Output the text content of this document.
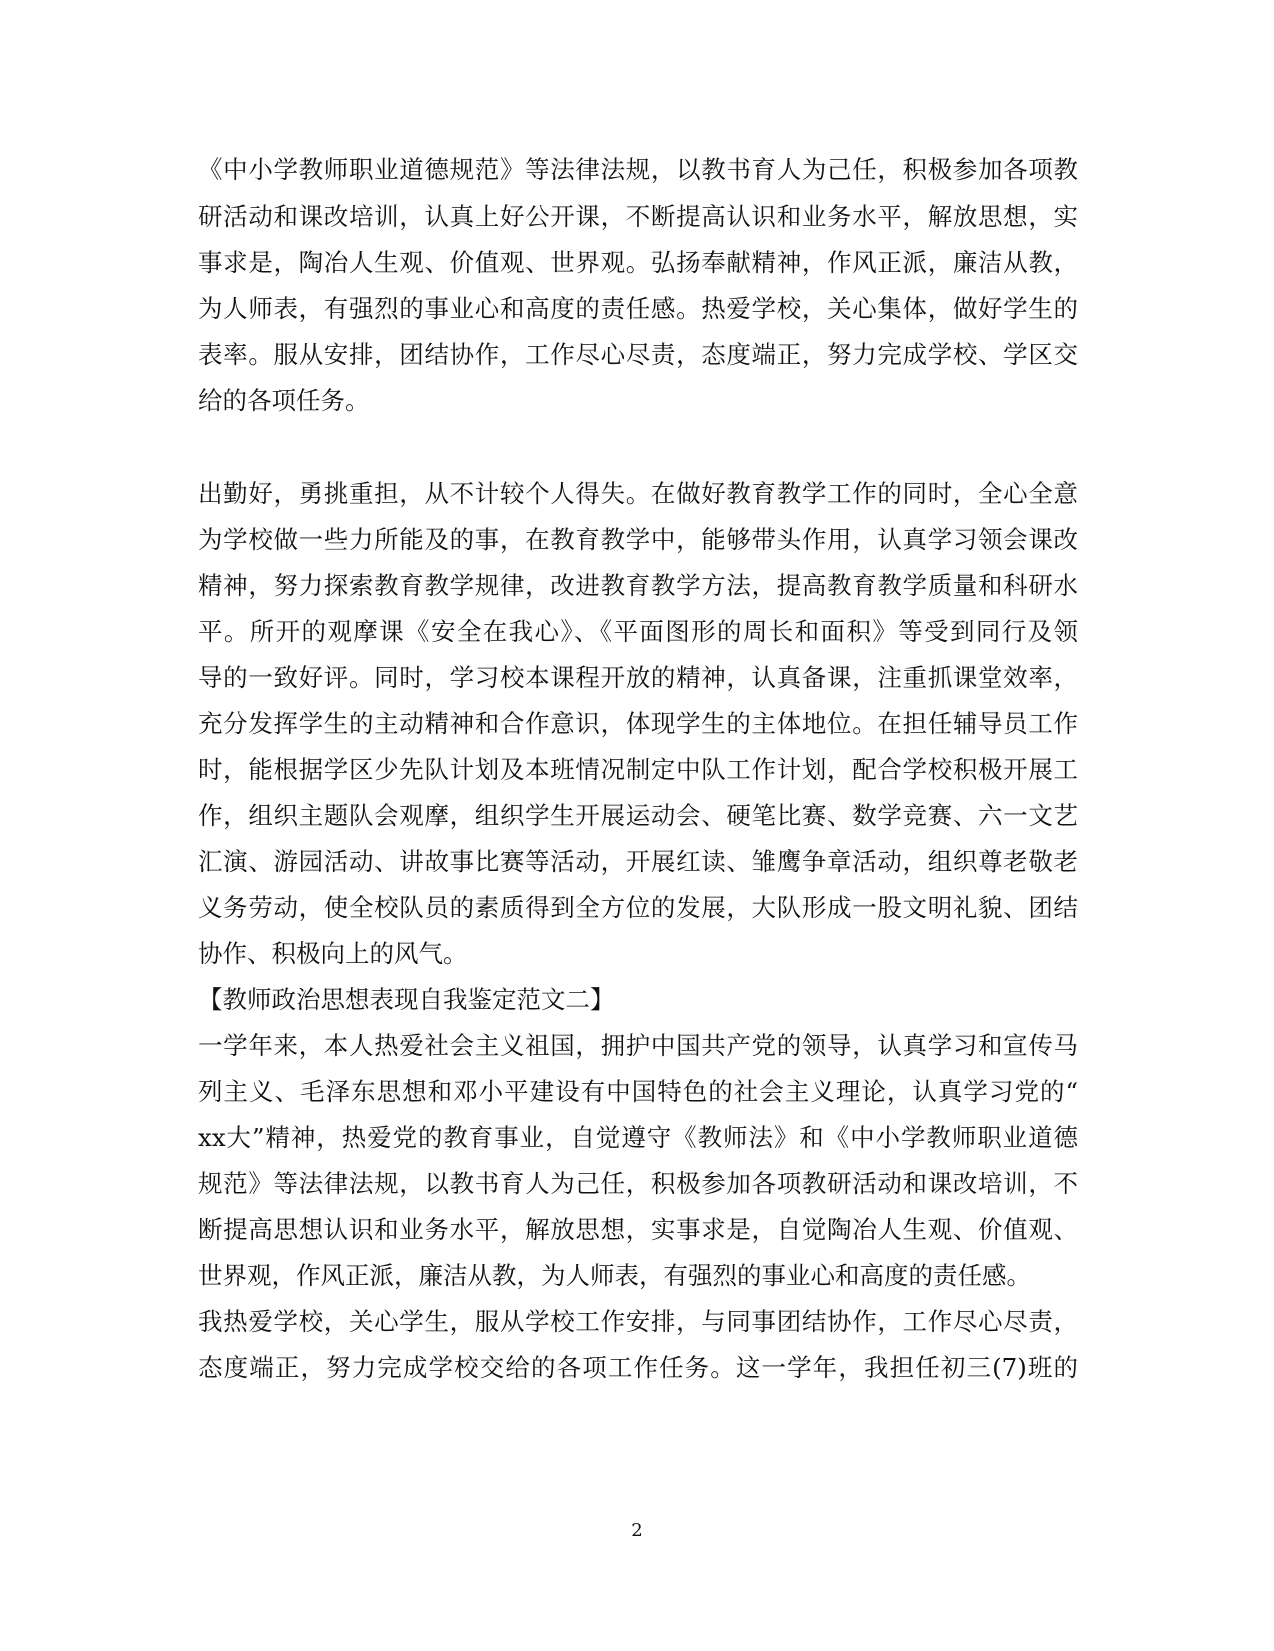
《中小学教师职业道德规范》等法律法规，以教书育人为己任，积极参加各项教
研活动和课改培训，认真上好公开课，不断提高认识和业务水平，解放思想，实
事求是，陶冶人生观、价值观、世界观。弘扬奉献精神，作风正派，廉洁从教，
为人师表，有强烈的事业心和高度的责任感。热爱学校，关心集体，做好学生的
表率。服从安排，团结协作，工作尽心尽责，态度端正，努力完成学校、学区交
给的各项任务。
出勤好，勇挑重担，从不计较个人得失。在做好教育教学工作的同时，全心全意
为学校做一些力所能及的事，在教育教学中，能够带头作用，认真学习领会课改
精神，努力探索教育教学规律，改进教育教学方法，提高教育教学质量和科研水
平。所开的观摩课《安全在我心》、《平面图形的周长和面积》等受到同行及领
导的一致好评。同时，学习校本课程开放的精神，认真备课，注重抓课堂效率，
充分发挥学生的主动精神和合作意识，体现学生的主体地位。在担任辅导员工作
时，能根据学区少先队计划及本班情况制定中队工作计划，配合学校积极开展工
作，组织主题队会观摩，组织学生开展运动会、硬笔比赛、数学竞赛、六一文艺
汇演、游园活动、讲故事比赛等活动，开展红读、雏鹰争章活动，组织尊老敬老
义务劳动，使全校队员的素质得到全方位的发展，大队形成一股文明礼貌、团结
协作、积极向上的风气。
【教师政治思想表现自我鉴定范文二】
一学年来，本人热爱社会主义祖国，拥护中国共产党的领导，认真学习和宣传马
列主义、毛泽东思想和邓小平建设有中国特色的社会主义理论，认真学习党的“
xx大”精神，热爱党的教育事业，自觉遵守《教师法》和《中小学教师职业道德
规范》等法律法规，以教书育人为己任，积极参加各项教研活动和课改培训，不
断提高思想认识和业务水平，解放思想，实事求是，自觉陶冶人生观、价值观、
世界观，作风正派，廉洁从教，为人师表，有强烈的事业心和高度的责任感。
我热爱学校，关心学生，服从学校工作安排，与同事团结协作，工作尽心尽责，
态度端正，努力完成学校交给的各项工作任务。这一学年，我担任初三(7)班的
2
